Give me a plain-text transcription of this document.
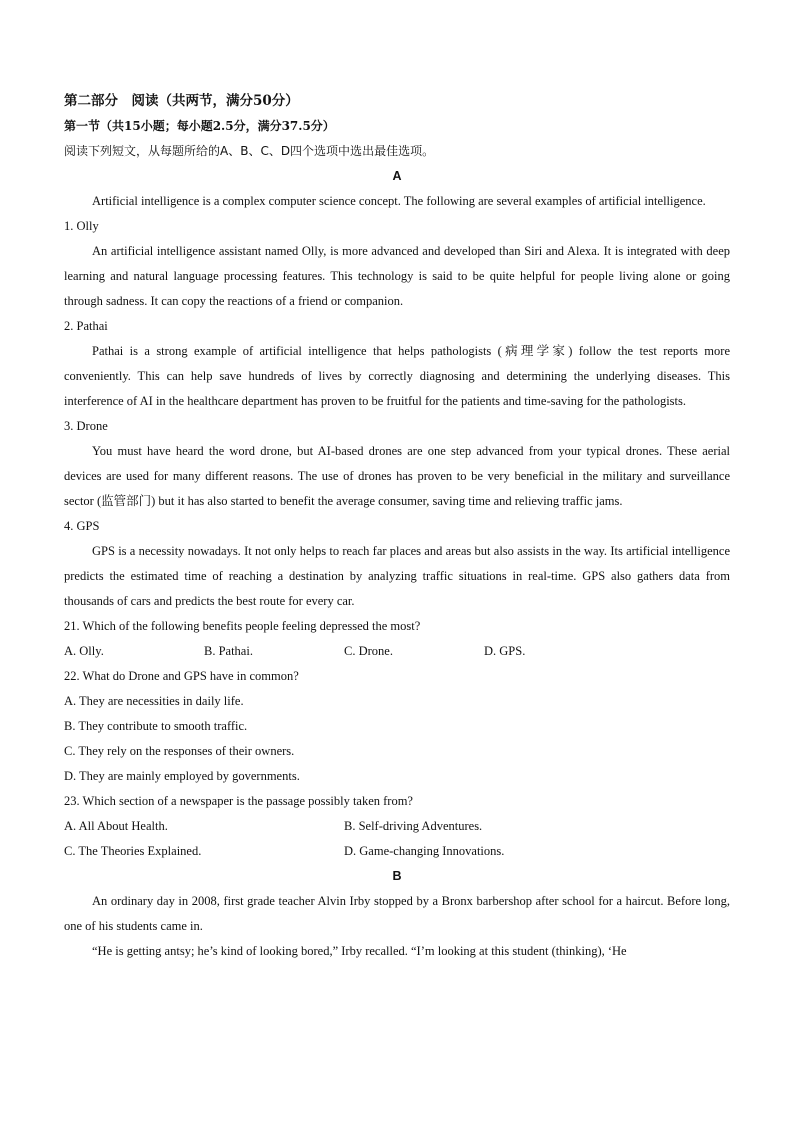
第二部分　阅读（共两节，满分50分）
第一节（共15小题；每小题2.5分，满分37.5分）
阅读下列短文，从每题所给的A、B、C、D四个选项中选出最佳选项。
A

Artificial intelligence is a complex computer science concept. The following are several examples of artificial intelligence.

1. Olly

An artificial intelligence assistant named Olly, is more advanced and developed than Siri and Alexa. It is integrated with deep learning and natural language processing features. This technology is said to be quite helpful for people living alone or going through sadness. It can copy the reactions of a friend or companion.

2. Pathai

Pathai is a strong example of artificial intelligence that helps pathologists (病理学家) follow the test reports more conveniently. This can help save hundreds of lives by correctly diagnosing and determining the underlying diseases. This interference of AI in the healthcare department has proven to be fruitful for the patients and time-saving for the pathologists.

3. Drone

You must have heard the word drone, but AI-based drones are one step advanced from your typical drones. These aerial devices are used for many different reasons. The use of drones has proven to be very beneficial in the military and surveillance sector (监管部门) but it has also started to benefit the average consumer, saving time and relieving traffic jams.

4. GPS

GPS is a necessity nowadays. It not only helps to reach far places and areas but also assists in the way. Its artificial intelligence predicts the estimated time of reaching a destination by analyzing traffic situations in real-time. GPS also gathers data from thousands of cars and predicts the best route for every car.

21. Which of the following benefits people feeling depressed the most?
A. Olly.	B. Pathai.	C. Drone.	D. GPS.
22. What do Drone and GPS have in common?
A. They are necessities in daily life.
B. They contribute to smooth traffic.
C. They rely on the responses of their owners.
D. They are mainly employed by governments.
23. Which section of a newspaper is the passage possibly taken from?
A. All About Health.	B. Self-driving Adventures.
C. The Theories Explained.	D. Game-changing Innovations.
B

An ordinary day in 2008, first grade teacher Alvin Irby stopped by a Bronx barbershop after school for a haircut. Before long, one of his students came in.

“He is getting antsy; he’s kind of looking bored,” Irby recalled. “I’m looking at this student (thinking), ‘He
